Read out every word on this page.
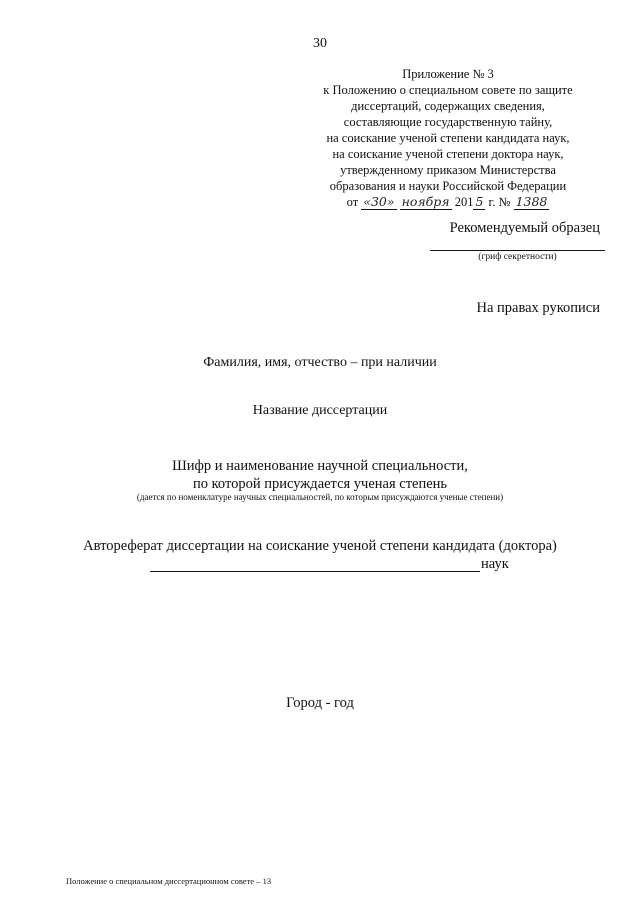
30
Приложение № 3
к Положению о специальном совете по защите
диссертаций, содержащих сведения,
составляющие государственную тайну,
на соискание ученой степени кандидата наук,
на соискание ученой степени доктора наук,
утвержденному приказом Министерства
образования и науки Российской Федерации
от «30» ноября 201 5 г. № 1388
Рекомендуемый образец
(гриф секретности)
На правах рукописи
Фамилия, имя, отчество – при наличии
Название диссертации
Шифр и наименование научной специальности,
по которой присуждается ученая степень
(дается по номенклатуре научных специальностей, по которым присуждаются ученые степени)
Автореферат диссертации на соискание ученой степени кандидата (доктора)
наук
Город - год
Положение о специальном диссертационном совете – 13
